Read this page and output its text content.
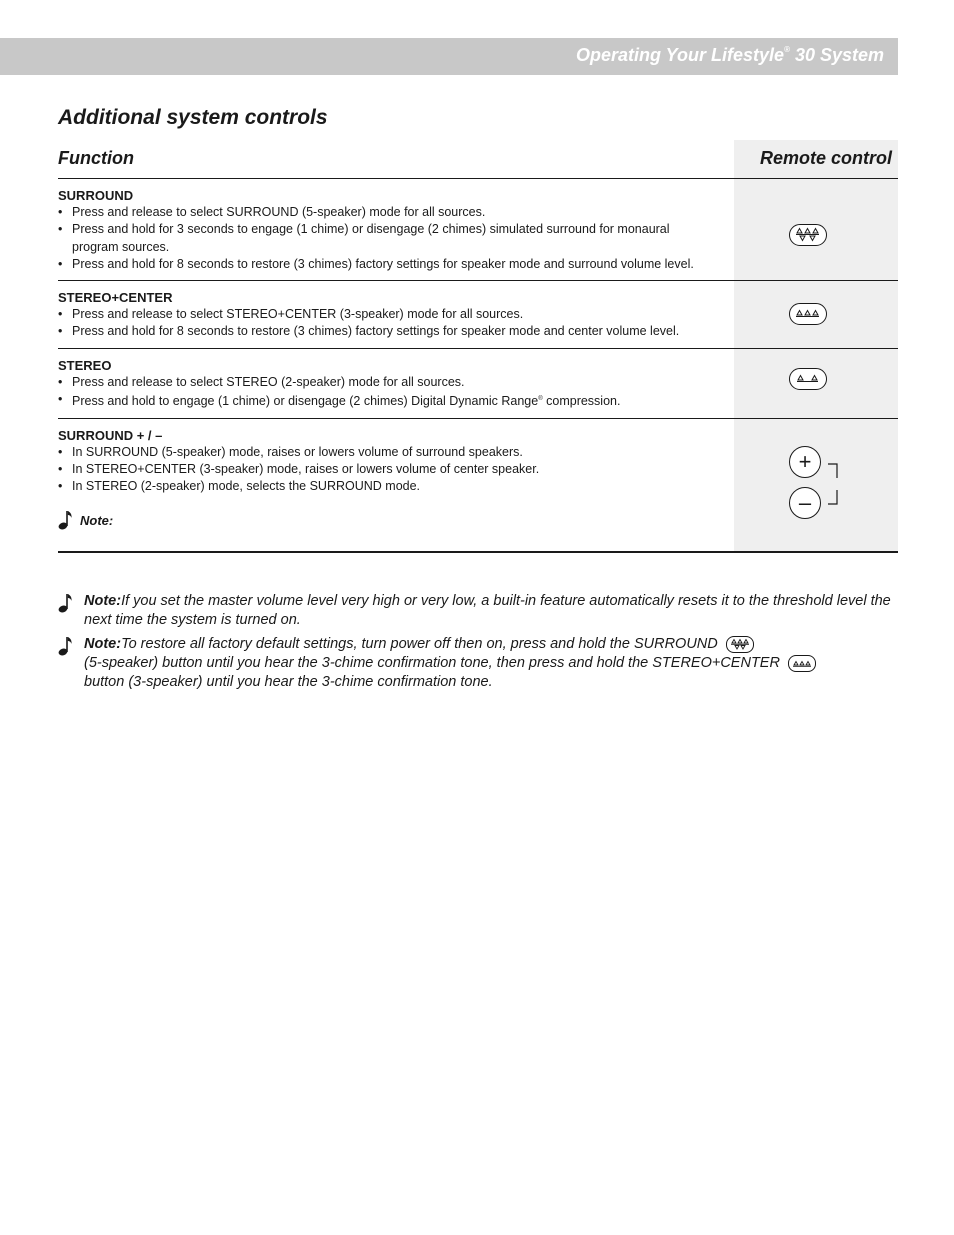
Operating Your Lifestyle® 30 System
Additional system controls
Function	Remote control
SURROUND
• Press and release to select SURROUND (5-speaker) mode for all sources.
• Press and hold for 3 seconds to engage (1 chime) or disengage (2 chimes) simulated surround for monaural program sources.
• Press and hold for 8 seconds to restore (3 chimes) factory settings for speaker mode and surround volume level.
STEREO+CENTER
• Press and release to select STEREO+CENTER (3-speaker) mode for all sources.
• Press and hold for 8 seconds to restore (3 chimes) factory settings for speaker mode and center volume level.
STEREO
• Press and release to select STEREO (2-speaker) mode for all sources.
• Press and hold to engage (1 chime) or disengage (2 chimes) Digital Dynamic Range® compression.
SURROUND + / –
• In SURROUND (5-speaker) mode, raises or lowers volume of surround speakers.
• In STEREO+CENTER (3-speaker) mode, raises or lowers volume of center speaker.
• In STEREO (2-speaker) mode, selects the SURROUND mode.
Note:
+
–
Note:If you set the master volume level very high or very low, a built-in feature automatically resets it to the threshold level the next time the system is turned on.
Note:To restore all factory default settings, turn power off then on, press and hold the SURROUND
(5-speaker) button until you hear the 3-chime confirmation tone, then press and hold the STEREO+CENTER
button (3-speaker) until you hear the 3-chime confirmation tone.
